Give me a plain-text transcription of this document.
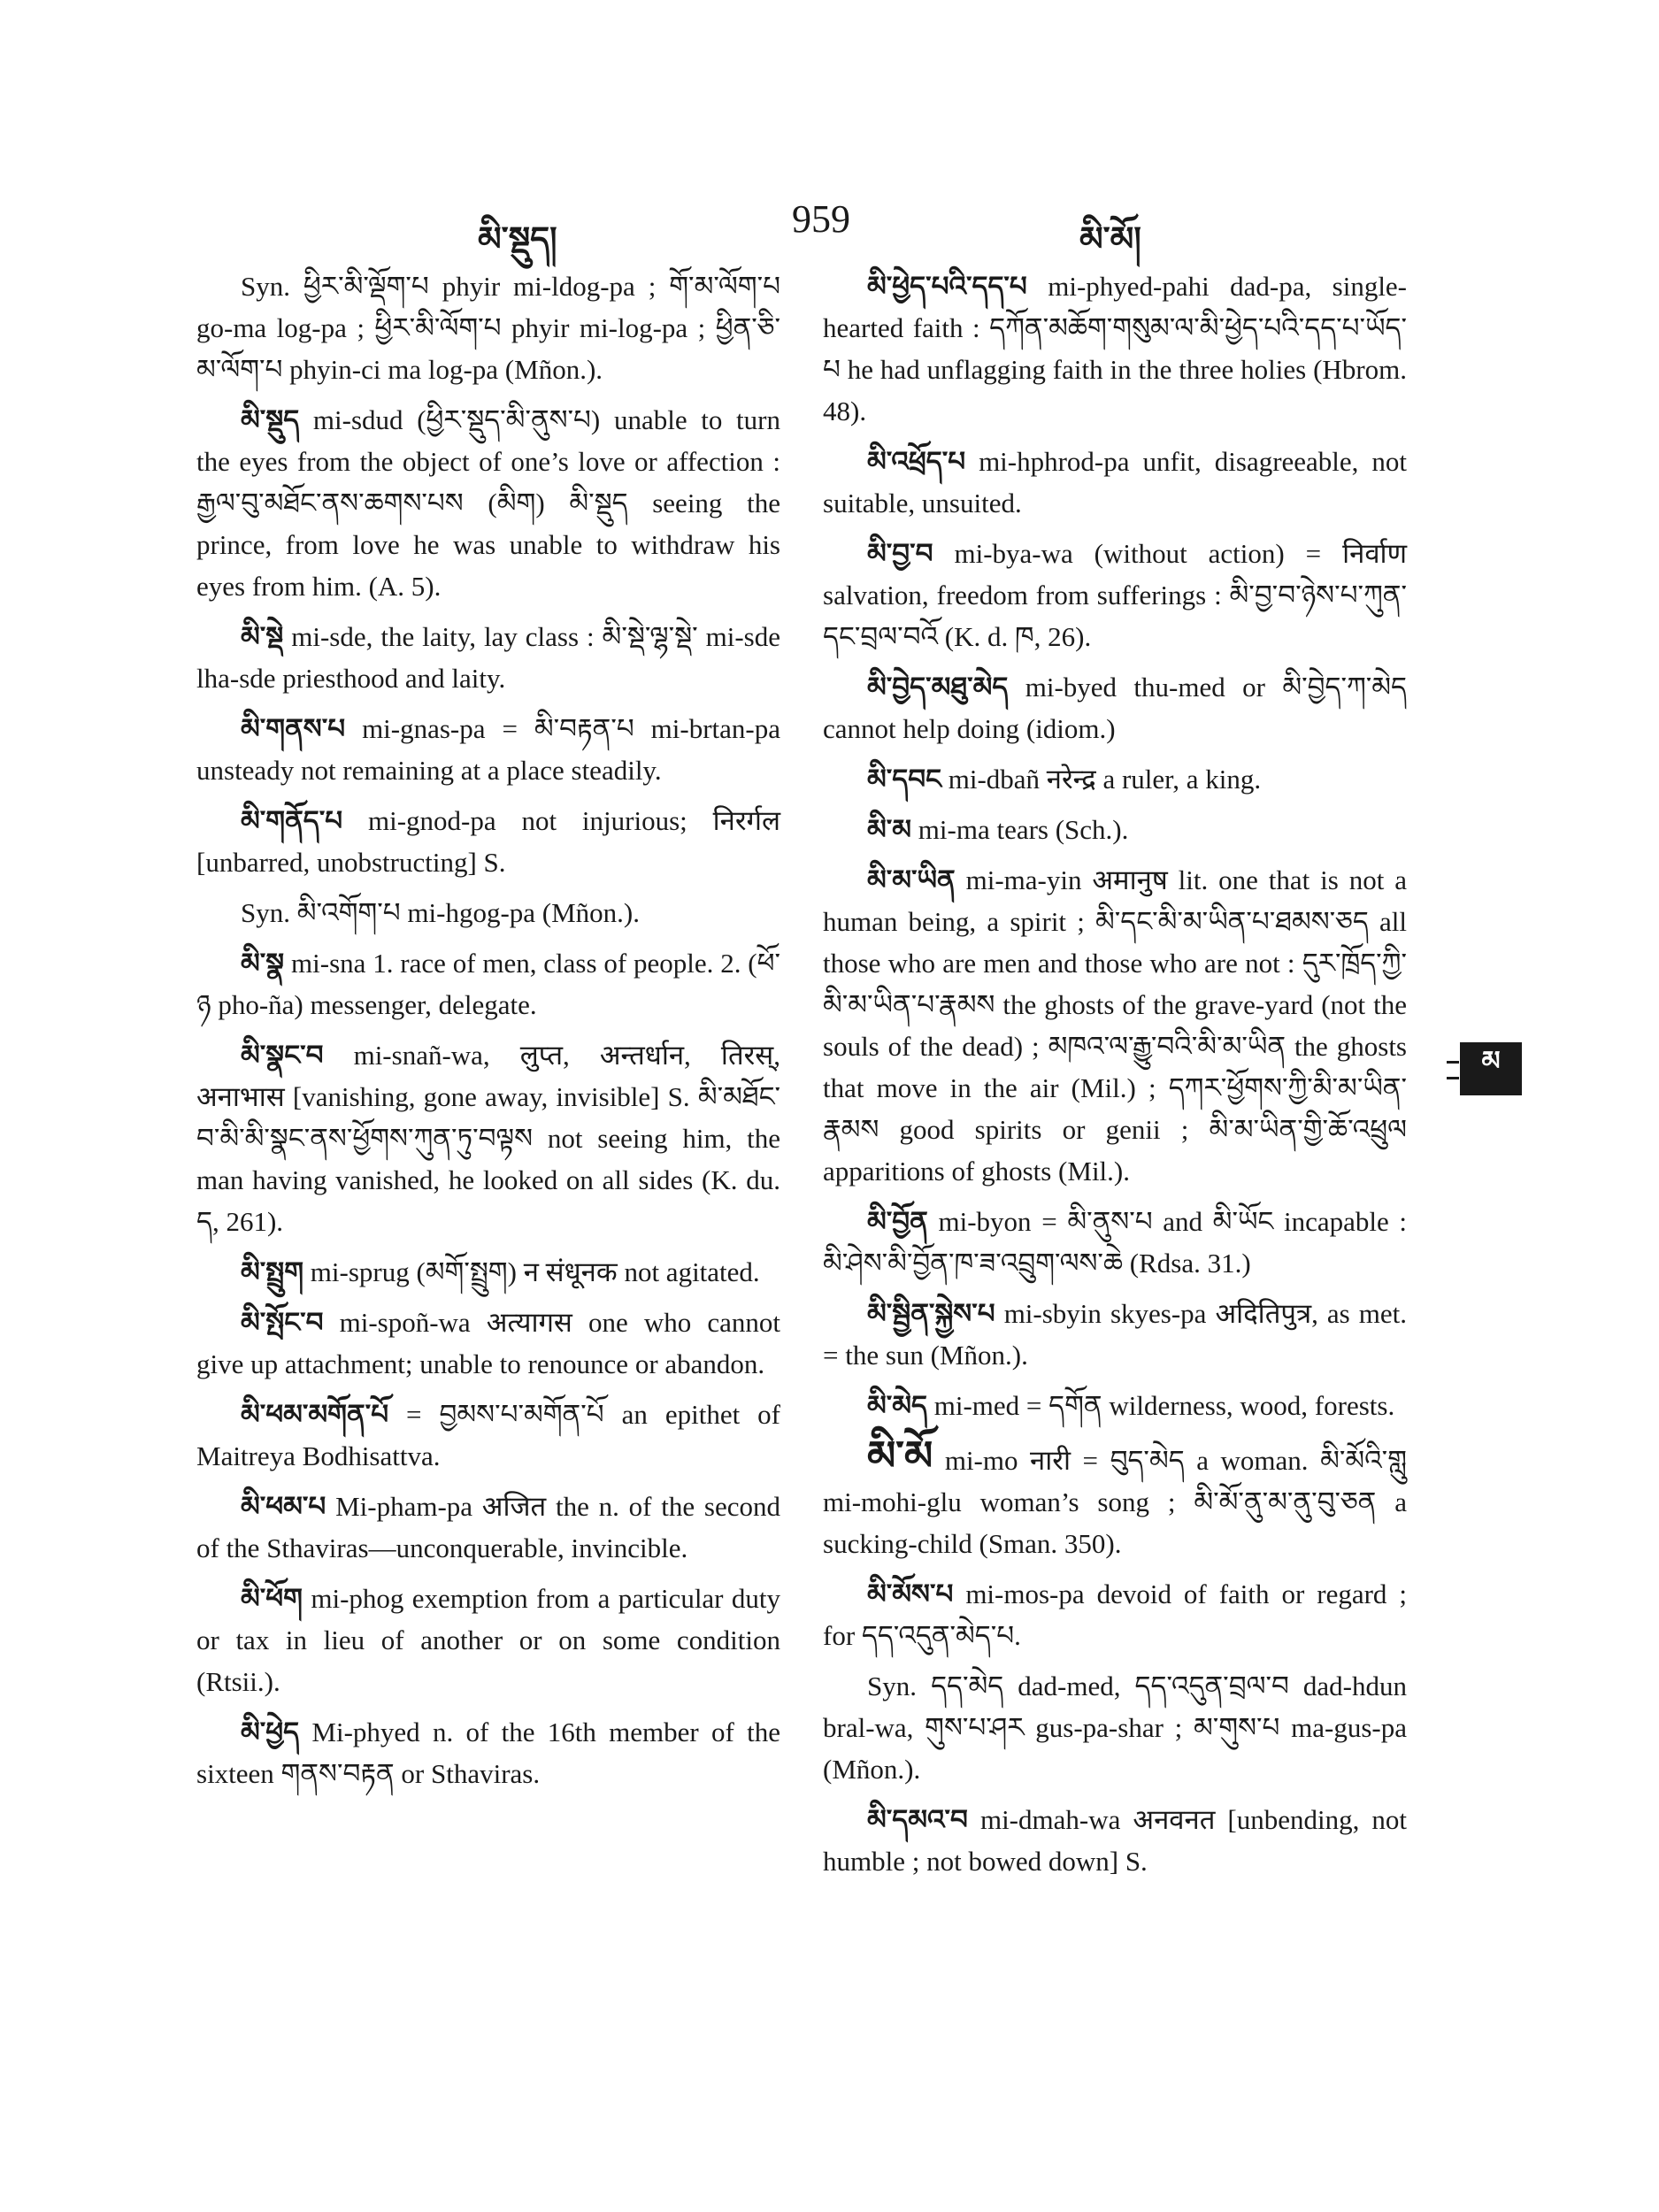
མི་སྡུད།	959	མི་མོ།

Syn. ཕྱིར་མི་ལྡོག་པ phyir mi-ldog-pa ; གོ་མ་ལོག་པ go-ma log-pa ; ཕྱིར་མི་ལོག་པ phyir mi-log-pa ; ཕྱིན་ཅི་མ་ལོག་པ phyin-ci ma log-pa (Mñon.).

མི་སྡུད mi-sdud (ཕྱིར་སྡུད་མི་ནུས་པ) unable to turn the eyes from the object of one’s love or affection : རྒྱལ་བུ་མཐོང་ནས་ཆགས་པས (མིག) མི་སྡུད seeing the prince, from love he was unable to withdraw his eyes from him. (A. 5).

མི་སྡེ mi-sde, the laity, lay class : མི་སྡེ་ལྷ་སྡེ་ mi-sde lha-sde priesthood and laity.

མི་གནས་པ mi-gnas-pa = མི་བརྟན་པ mi-brtan-pa unsteady not remaining at a place steadily.

མི་གནོད་པ mi-gnod-pa not injurious; निरर्गल [unbarred, unobstructing] S.

Syn. མི་འགོག་པ mi-hgog-pa (Mñon.).

མི་སྣ mi-sna 1. race of men, class of people. 2. (ཕོ་ཉ pho-ña) messenger, delegate.

མི་སྣང་བ mi-snañ-wa, लुप्त, अन्तर्धान, तिरस्, अनाभास [vanishing, gone away, invisible] S. མི་མཐོང་བ་མི་མི་སྣང་ནས་ཕྱོགས་ཀུན་ཏུ་བལྟས not seeing him, the man having vanished, he looked on all sides (K. du. ད, 261).

མི་སྤྲུག mi-sprug (མགོ་སྤྲུག) न संधूनक not agitated.

མི་སྤོང་བ mi-spoñ-wa अत्यागस one who cannot give up attachment; unable to renounce or abandon.

མི་ཕམ་མགོན་པོ = བྱམས་པ་མགོན་པོ an epithet of Maitreya Bodhisattva.

མི་ཕམ་པ Mi-pham-pa अजित the n. of the second of the Sthaviras—unconquerable, invincible.

མི་ཕོག mi-phog exemption from a particular duty or tax in lieu of another or on some condition (Rtsii.).

མི་ཕྱེད Mi-phyed n. of the 16th member of the sixteen གནས་བརྟན or Sthaviras.

མི་ཕྱེད་པའི་དད་པ mi-phyed-pahi dad-pa, single-hearted faith : དཀོན་མཆོག་གསུམ་ལ་མི་ཕྱེད་པའི་དད་པ་ཡོད་པ he had unflagging faith in the three holies (Hbrom. 48).

མི་འཕྲོད་པ mi-hphrod-pa unfit, disagreeable, not suitable, unsuited.

མི་བྱ་བ mi-bya-wa (without action) = निर्वाण salvation, freedom from sufferings : མི་བྱ་བ་ཉེས་པ་ཀུན་དང་བྲལ་བའོ (K. d. ཁ, 26).

མི་བྱེད་མཐུ་མེད mi-byed thu-med or མི་བྱེད་ཀ་མེད cannot help doing (idiom.)

མི་དབང mi-dbañ नरेन्द्र a ruler, a king.

མི་མ mi-ma tears (Sch.).

མི་མ་ཡིན mi-ma-yin अमानुष lit. one that is not a human being, a spirit ; མི་དང་མི་མ་ཡིན་པ་ཐམས་ཅད all those who are men and those who are not : དུར་ཁྲོད་ཀྱི་མི་མ་ཡིན་པ་རྣམས the ghosts of the grave-yard (not the souls of the dead) ; མཁའ་ལ་རྒྱུ་བའི་མི་མ་ཡིན the ghosts that move in the air (Mil.) ; དཀར་ཕྱོགས་ཀྱི་མི་མ་ཡིན་རྣམས good spirits or genii ; མི་མ་ཡིན་གྱི་ཆོ་འཕྲུལ apparitions of ghosts (Mil.).

མི་བྱོན mi-byon = མི་ནུས་པ and མི་ཡོང incapable : མི་ཤེས་མི་བྱོན་ཁ་ཟ་འབྲུག་ལས་ཆེ (Rdsa. 31.)

མི་སྦྱིན་སྐྱེས་པ mi-sbyin skyes-pa अदितिपुत्र, as met. = the sun (Mñon.).

མི་མེད mi-med = དགོན wilderness, wood, forests.

མི་མོ mi-mo नारी = བུད་མེད a woman. མི་མོའི་གླུ mi-mohi-glu woman’s song ; མི་མོ་ནུ་མ་ནུ་བུ་ཅན a sucking-child (Sman. 350).

མི་མོས་པ mi-mos-pa devoid of faith or regard ; for དད་འདུན་མེད་པ.

Syn. དད་མེད dad-med, དད་འདུན་བྲལ་བ dad-hdun bral-wa, གུས་པ་ཤར gus-pa-shar ; མ་གུས་པ ma-gus-pa (Mñon.).

མི་དམའ་བ mi-dmah-wa अनवनत [unbending, not humble ; not bowed down] S.

མ
